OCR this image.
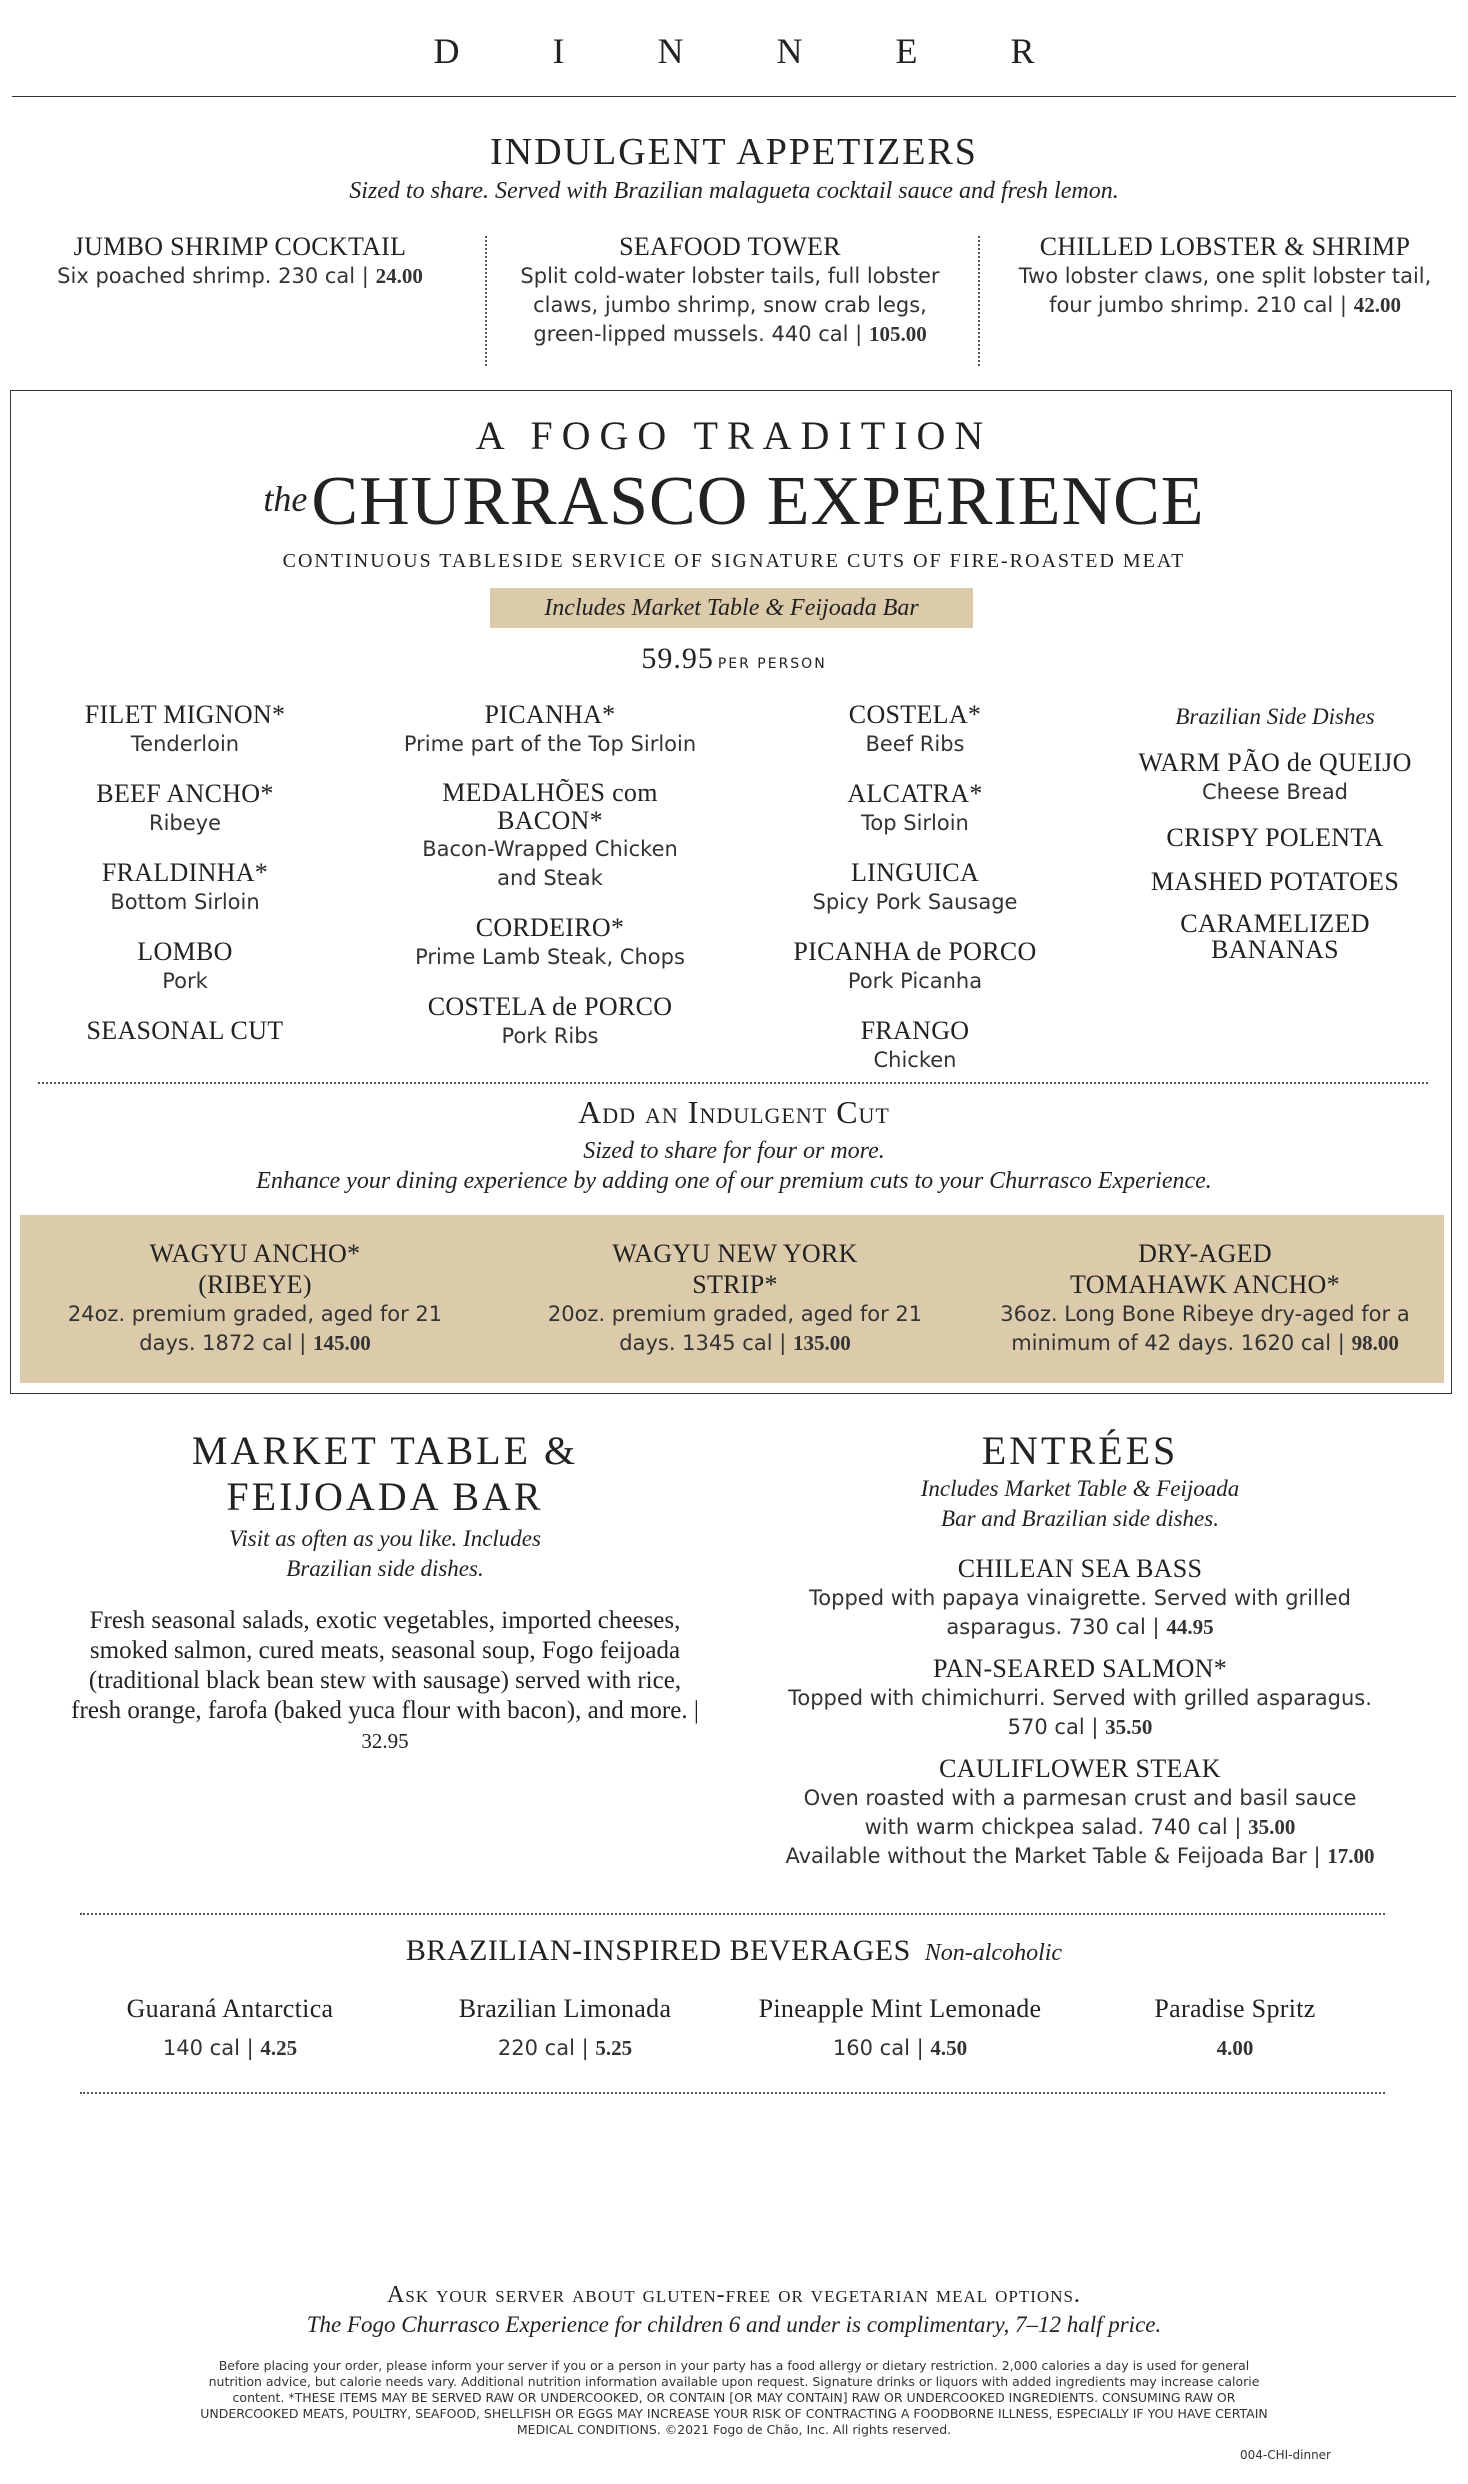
D I N N E R
INDULGENT APPETIZERS
Sized to share. Served with Brazilian malagueta cocktail sauce and fresh lemon.
JUMBO SHRIMP COCKTAIL
Six poached shrimp. 230 cal | 24.00
SEAFOOD TOWER
Split cold-water lobster tails, full lobster claws, jumbo shrimp, snow crab legs, green-lipped mussels. 440 cal | 105.00
CHILLED LOBSTER & SHRIMP
Two lobster claws, one split lobster tail, four jumbo shrimp. 210 cal | 42.00
A FOGO TRADITION
the CHURRASCO EXPERIENCE
CONTINUOUS TABLESIDE SERVICE OF SIGNATURE CUTS OF FIRE-ROASTED MEAT
Includes Market Table & Feijoada Bar
59.95 PER PERSON
FILET MIGNON*
Tenderloin
BEEF ANCHO*
Ribeye
FRALDINHA*
Bottom Sirloin
LOMBO
Pork
SEASONAL CUT
PICANHA*
Prime part of the Top Sirloin
MEDALHÕES com BACON*
Bacon-Wrapped Chicken and Steak
CORDEIRO*
Prime Lamb Steak, Chops
COSTELA de PORCO
Pork Ribs
COSTELA*
Beef Ribs
ALCATRA*
Top Sirloin
LINGUICA
Spicy Pork Sausage
PICANHA de PORCO
Pork Picanha
FRANGO
Chicken
Brazilian Side Dishes
WARM PÃO de QUEIJO
Cheese Bread
CRISPY POLENTA
MASHED POTATOES
CARAMELIZED BANANAS
Add an Indulgent Cut
Sized to share for four or more.
Enhance your dining experience by adding one of our premium cuts to your Churrasco Experience.
WAGYU ANCHO* (RIBEYE)
24oz. premium graded, aged for 21 days. 1872 cal | 145.00
WAGYU NEW YORK STRIP*
20oz. premium graded, aged for 21 days. 1345 cal | 135.00
DRY-AGED TOMAHAWK ANCHO*
36oz. Long Bone Ribeye dry-aged for a minimum of 42 days. 1620 cal | 98.00
MARKET TABLE &
FEIJOADA BAR
Visit as often as you like. Includes Brazilian side dishes.
Fresh seasonal salads, exotic vegetables, imported cheeses, smoked salmon, cured meats, seasonal soup, Fogo feijoada (traditional black bean stew with sausage) served with rice, fresh orange, farofa (baked yuca flour with bacon), and more. | 32.95
ENTRÉES
Includes Market Table & Feijoada Bar and Brazilian side dishes.
CHILEAN SEA BASS
Topped with papaya vinaigrette. Served with grilled asparagus. 730 cal | 44.95
PAN-SEARED SALMON*
Topped with chimichurri. Served with grilled asparagus. 570 cal | 35.50
CAULIFLOWER STEAK
Oven roasted with a parmesan crust and basil sauce with warm chickpea salad. 740 cal | 35.00
Available without the Market Table & Feijoada Bar | 17.00
BRAZILIAN-INSPIRED BEVERAGES Non-alcoholic
Guaraná Antarctica
140 cal | 4.25
Brazilian Limonada
220 cal | 5.25
Pineapple Mint Lemonade
160 cal | 4.50
Paradise Spritz
4.00
Ask your server about gluten-free or vegetarian meal options.
The Fogo Churrasco Experience for children 6 and under is complimentary, 7–12 half price.
Before placing your order, please inform your server if you or a person in your party has a food allergy or dietary restriction. 2,000 calories a day is used for general nutrition advice, but calorie needs vary. Additional nutrition information available upon request. Signature drinks or liquors with added ingredients may increase calorie content. *THESE ITEMS MAY BE SERVED RAW OR UNDERCOOKED, OR CONTAIN [OR MAY CONTAIN] RAW OR UNDERCOOKED INGREDIENTS. CONSUMING RAW OR UNDERCOOKED MEATS, POULTRY, SEAFOOD, SHELLFISH OR EGGS MAY INCREASE YOUR RISK OF CONTRACTING A FOODBORNE ILLNESS, ESPECIALLY IF YOU HAVE CERTAIN MEDICAL CONDITIONS. ©2021 Fogo de Chão, Inc. All rights reserved.
004-CHI-dinner
